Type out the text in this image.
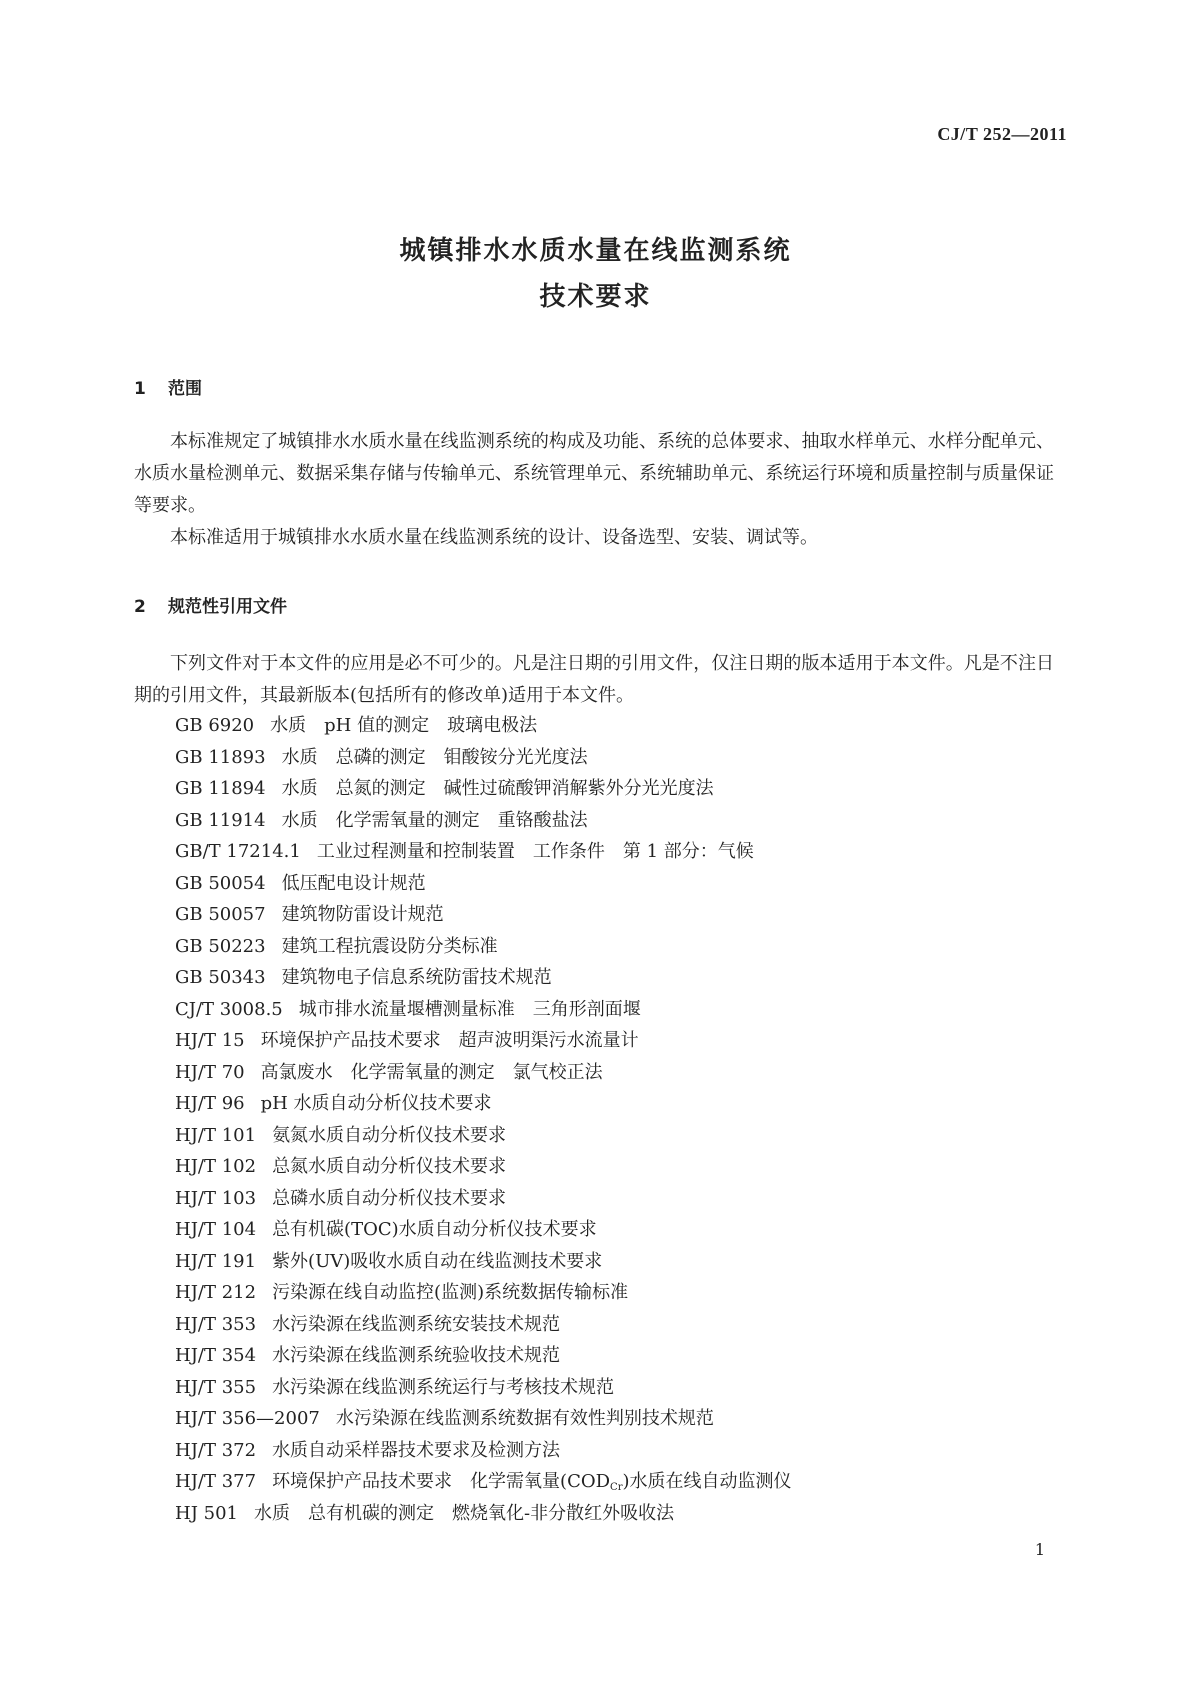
CJ/T 252—2011
城镇排水水质水量在线监测系统
技术要求
1 范围

本标准规定了城镇排水水质水量在线监测系统的构成及功能、系统的总体要求、抽取水样单元、水样分配单元、水质水量检测单元、数据采集存储与传输单元、系统管理单元、系统辅助单元、系统运行环境和质量控制与质量保证等要求。

本标准适用于城镇排水水质水量在线监测系统的设计、设备选型、安装、调试等。

2 规范性引用文件

下列文件对于本文件的应用是必不可少的。凡是注日期的引用文件，仅注日期的版本适用于本文件。凡是不注日期的引用文件，其最新版本(包括所有的修改单)适用于本文件。

GB 6920 水质 pH 值的测定 玻璃电极法
GB 11893 水质 总磷的测定 钼酸铵分光光度法
GB 11894 水质 总氮的测定 碱性过硫酸钾消解紫外分光光度法
GB 11914 水质 化学需氧量的测定 重铬酸盐法
GB/T 17214.1 工业过程测量和控制装置 工作条件 第 1 部分：气候
GB 50054 低压配电设计规范
GB 50057 建筑物防雷设计规范
GB 50223 建筑工程抗震设防分类标准
GB 50343 建筑物电子信息系统防雷技术规范
CJ/T 3008.5 城市排水流量堰槽测量标准 三角形剖面堰
HJ/T 15 环境保护产品技术要求 超声波明渠污水流量计
HJ/T 70 高氯废水 化学需氧量的测定 氯气校正法
HJ/T 96 pH 水质自动分析仪技术要求
HJ/T 101 氨氮水质自动分析仪技术要求
HJ/T 102 总氮水质自动分析仪技术要求
HJ/T 103 总磷水质自动分析仪技术要求
HJ/T 104 总有机碳(TOC)水质自动分析仪技术要求
HJ/T 191 紫外(UV)吸收水质自动在线监测技术要求
HJ/T 212 污染源在线自动监控(监测)系统数据传输标准
HJ/T 353 水污染源在线监测系统安装技术规范
HJ/T 354 水污染源在线监测系统验收技术规范
HJ/T 355 水污染源在线监测系统运行与考核技术规范
HJ/T 356—2007 水污染源在线监测系统数据有效性判别技术规范
HJ/T 372 水质自动采样器技术要求及检测方法
HJ/T 377 环境保护产品技术要求 化学需氧量$(COD_{Cr})$水质在线自动监测仪
HJ 501 水质 总有机碳的测定 燃烧氧化-非分散红外吸收法
1
